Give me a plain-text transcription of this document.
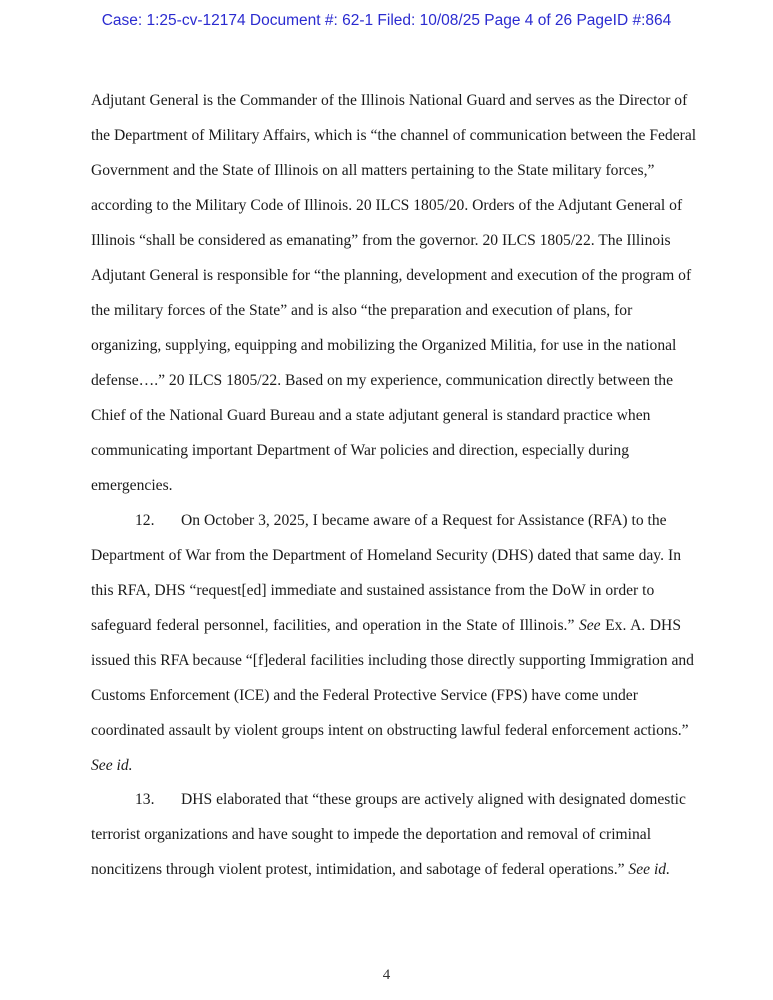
Case: 1:25-cv-12174 Document #: 62-1 Filed: 10/08/25 Page 4 of 26 PageID #:864
Adjutant General is the Commander of the Illinois National Guard and serves as the Director of
the Department of Military Affairs, which is “the channel of communication between the Federal
Government and the State of Illinois on all matters pertaining to the State military forces,”
according to the Military Code of Illinois. 20 ILCS 1805/20. Orders of the Adjutant General of
Illinois “shall be considered as emanating” from the governor. 20 ILCS 1805/22. The Illinois
Adjutant General is responsible for “the planning, development and execution of the program of
the military forces of the State” and is also “the preparation and execution of plans, for
organizing, supplying, equipping and mobilizing the Organized Militia, for use in the national
defense….” 20 ILCS 1805/22. Based on my experience, communication directly between the
Chief of the National Guard Bureau and a state adjutant general is standard practice when
communicating important Department of War policies and direction, especially during
emergencies.
12. On October 3, 2025, I became aware of a Request for Assistance (RFA) to the
Department of War from the Department of Homeland Security (DHS) dated that same day. In
this RFA, DHS “request[ed] immediate and sustained assistance from the DoW in order to
safeguard federal personnel, facilities, and operation in the State of Illinois.” See Ex. A. DHS
issued this RFA because “[f]ederal facilities including those directly supporting Immigration and
Customs Enforcement (ICE) and the Federal Protective Service (FPS) have come under
coordinated assault by violent groups intent on obstructing lawful federal enforcement actions.”
See id.
13. DHS elaborated that “these groups are actively aligned with designated domestic
terrorist organizations and have sought to impede the deportation and removal of criminal
noncitizens through violent protest, intimidation, and sabotage of federal operations.” See id.
4
